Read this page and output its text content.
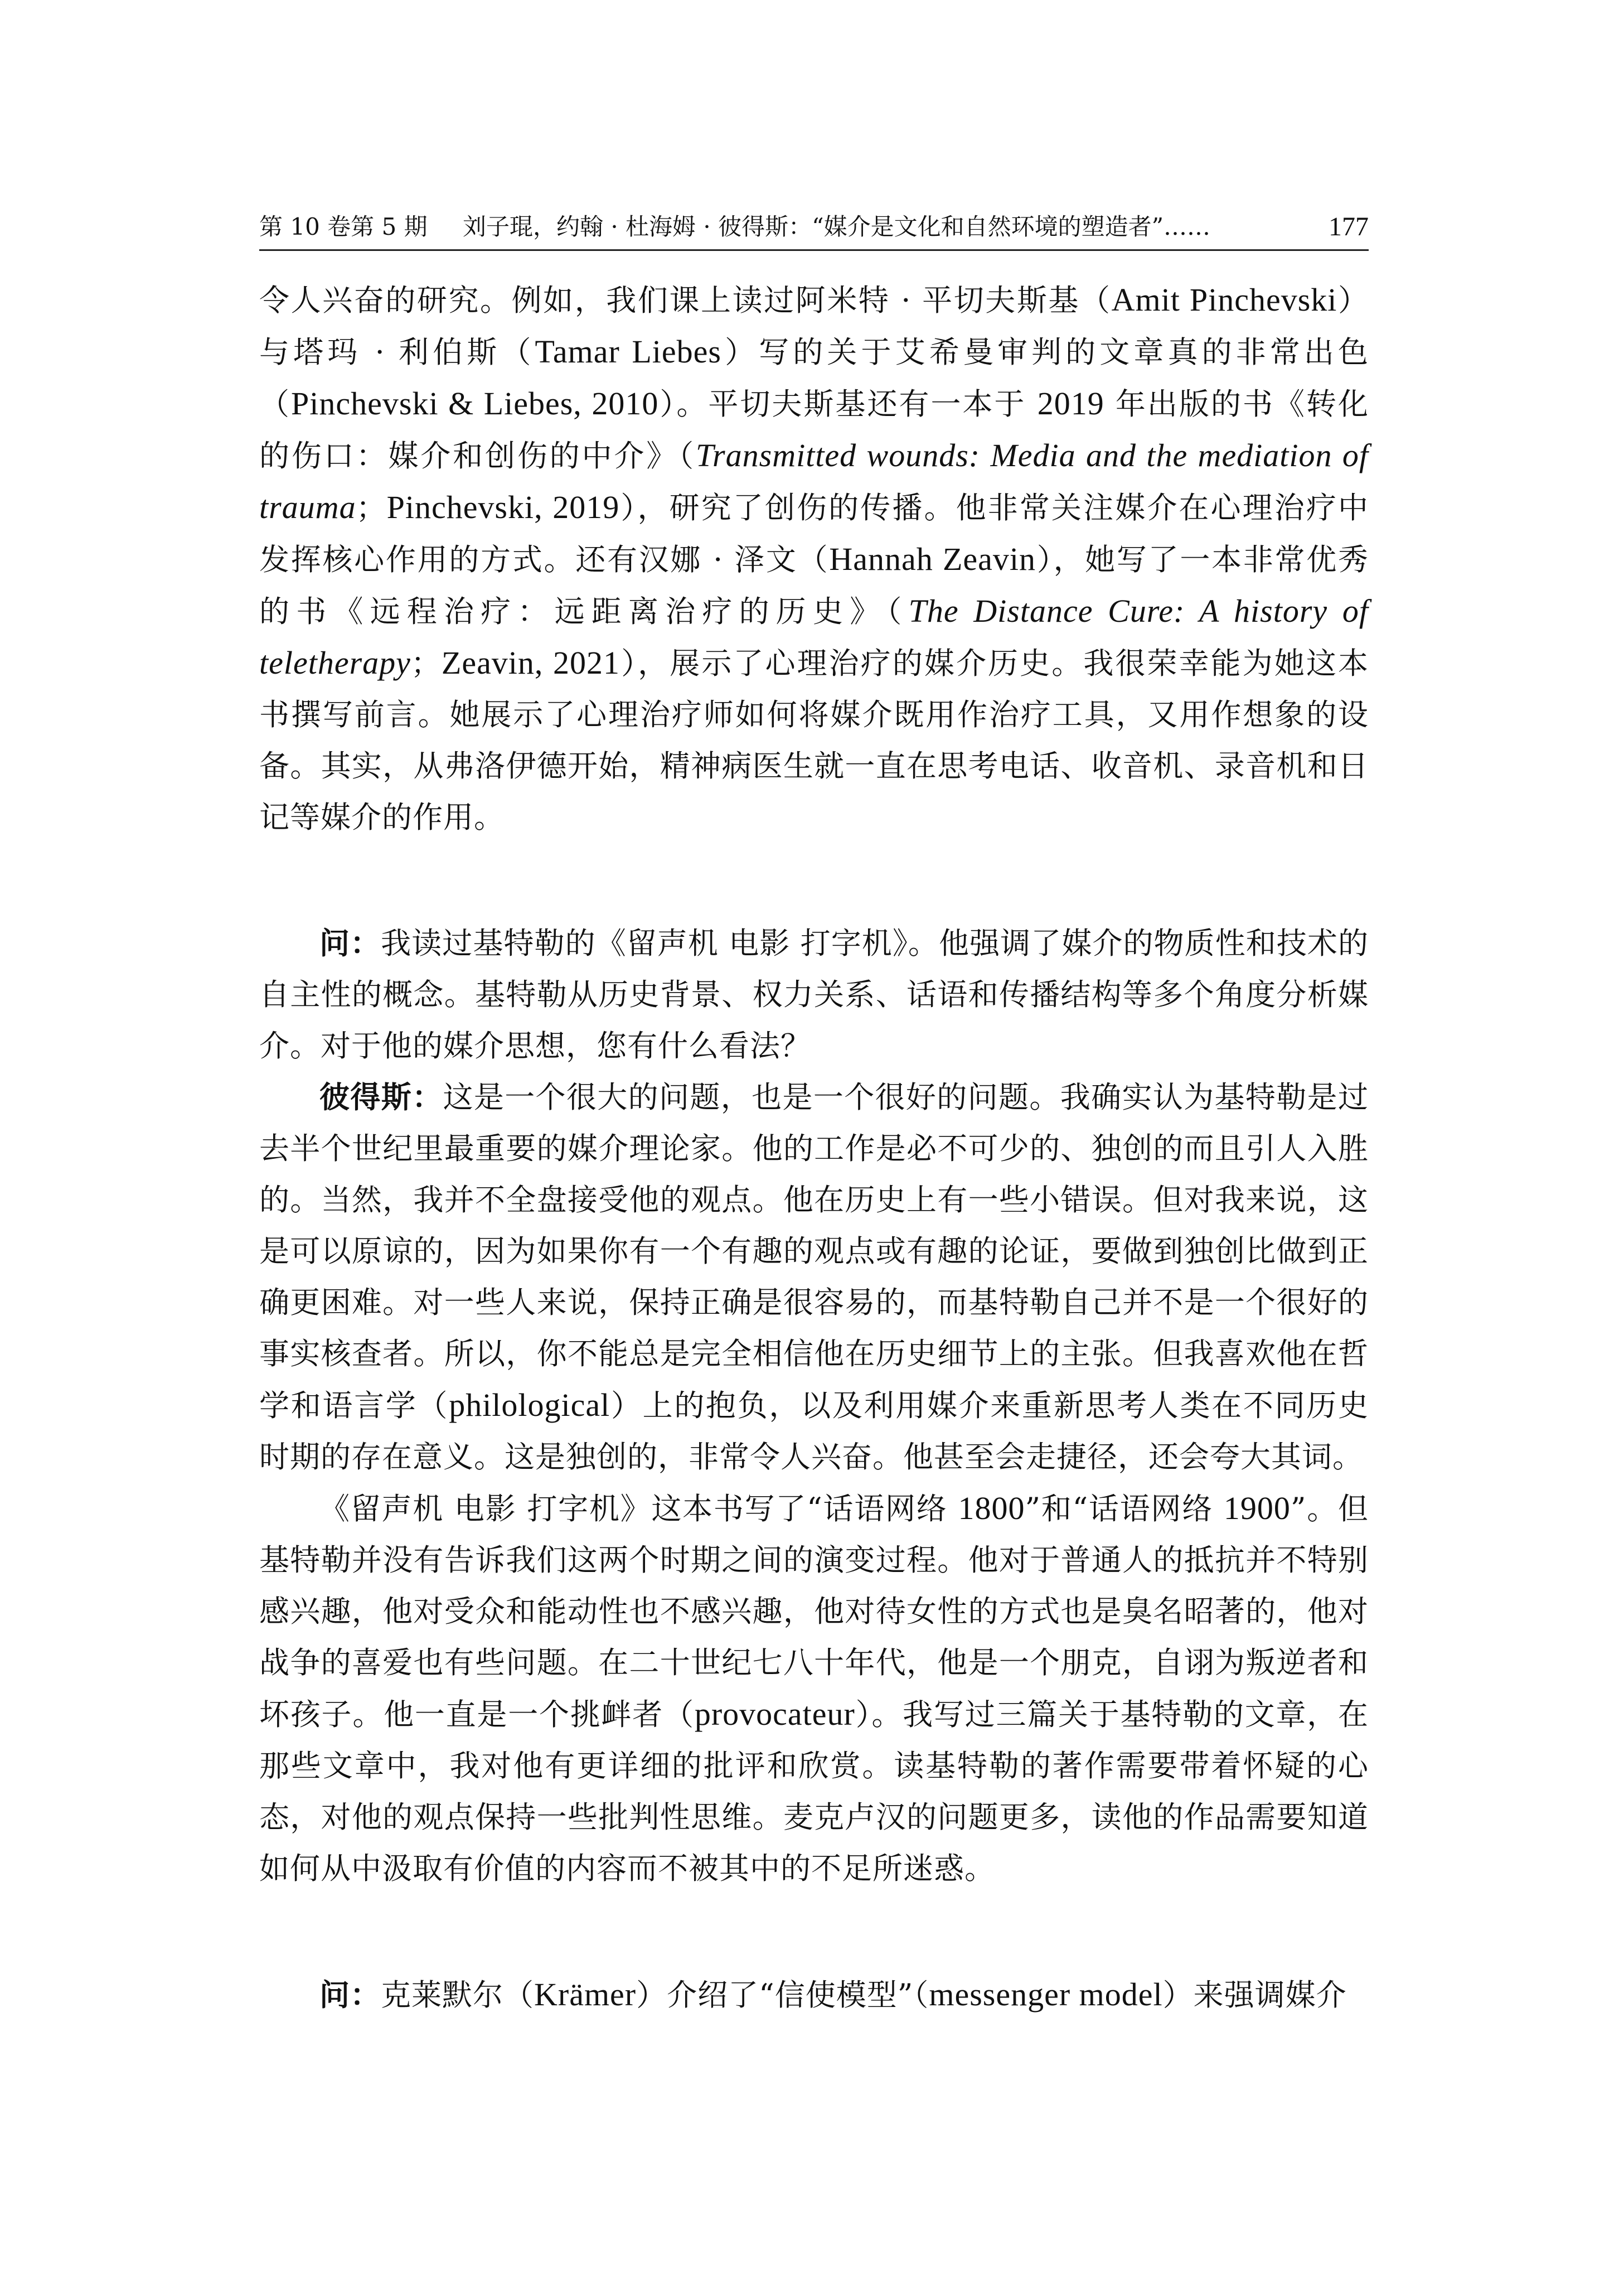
第 10 卷第 5 期 刘子琨，约翰 · 杜海姆 · 彼得斯：“媒介是文化和自然环境的塑造者”……	177

令人兴奋的研究。例如，我们课上读过阿米特 · 平切夫斯基（Amit Pinchevski）与塔玛 · 利伯斯（Tamar Liebes）写的关于艾希曼审判的文章真的非常出色（Pinchevski & Liebes, 2010）。平切夫斯基还有一本于 2019 年出版的书《转化的伤口：媒介和创伤的中介》（Transmitted wounds: Media and the mediation of trauma；Pinchevski, 2019），研究了创伤的传播。他非常关注媒介在心理治疗中发挥核心作用的方式。还有汉娜 · 泽文（Hannah Zeavin），她写了一本非常优秀的书《远程治疗：远距离治疗的历史》（The Distance Cure: A history of teletherapy；Zeavin, 2021），展示了心理治疗的媒介历史。我很荣幸能为她这本书撰写前言。她展示了心理治疗师如何将媒介既用作治疗工具，又用作想象的设备。其实，从弗洛伊德开始，精神病医生就一直在思考电话、收音机、录音机和日记等媒介的作用。

问：我读过基特勒的《留声机 电影 打字机》。他强调了媒介的物质性和技术的自主性的概念。基特勒从历史背景、权力关系、话语和传播结构等多个角度分析媒介。对于他的媒介思想，您有什么看法？

彼得斯：这是一个很大的问题，也是一个很好的问题。我确实认为基特勒是过去半个世纪里最重要的媒介理论家。他的工作是必不可少的、独创的而且引人入胜的。当然，我并不全盘接受他的观点。他在历史上有一些小错误。但对我来说，这是可以原谅的，因为如果你有一个有趣的观点或有趣的论证，要做到独创比做到正确更困难。对一些人来说，保持正确是很容易的，而基特勒自己并不是一个很好的事实核查者。所以，你不能总是完全相信他在历史细节上的主张。但我喜欢他在哲学和语言学（philological）上的抱负，以及利用媒介来重新思考人类在不同历史时期的存在意义。这是独创的，非常令人兴奋。他甚至会走捷径，还会夸大其词。

《留声机 电影 打字机》这本书写了“话语网络 1800”和“话语网络 1900”。但基特勒并没有告诉我们这两个时期之间的演变过程。他对于普通人的抵抗并不特别感兴趣，他对受众和能动性也不感兴趣，他对待女性的方式也是臭名昭著的，他对战争的喜爱也有些问题。在二十世纪七八十年代，他是一个朋克，自诩为叛逆者和坏孩子。他一直是一个挑衅者（provocateur）。我写过三篇关于基特勒的文章，在那些文章中，我对他有更详细的批评和欣赏。读基特勒的著作需要带着怀疑的心态，对他的观点保持一些批判性思维。麦克卢汉的问题更多，读他的作品需要知道如何从中汲取有价值的内容而不被其中的不足所迷惑。

问：克莱默尔（Krämer）介绍了“信使模型”（messenger model）来强调媒介
